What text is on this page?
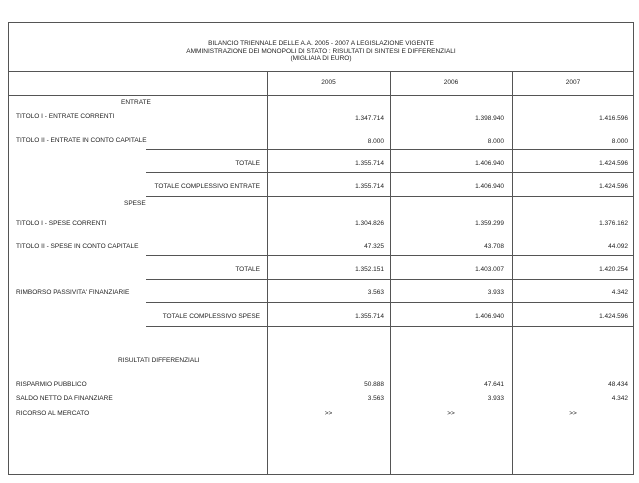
BILANCIO TRIENNALE DELLE A.A. 2005 - 2007 A LEGISLAZIONE VIGENTE
AMMINISTRAZIONE DEI MONOPOLI DI STATO : RISULTATI DI SINTESI E DIFFERENZIALI
(MIGLIAIA DI EURO)
2005	2006	2007
ENTRATE
SPESE
RISULTATI DIFFERENZIALI
TITOLO I - ENTRATE CORRENTI	1.347.714	1.398.940	1.416.596
TITOLO II - ENTRATE IN CONTO CAPITALE	8.000	8.000	8.000
TOTALE	1.355.714	1.406.940	1.424.596
TOTALE COMPLESSIVO ENTRATE	1.355.714	1.406.940	1.424.596
TITOLO I - SPESE CORRENTI	1.304.826	1.359.299	1.376.162
TITOLO II - SPESE IN CONTO CAPITALE	47.325	43.708	44.092
TOTALE	1.352.151	1.403.007	1.420.254
RIMBORSO PASSIVITA' FINANZIARIE	3.563	3.933	4.342
TOTALE COMPLESSIVO SPESE	1.355.714	1.406.940	1.424.596
RISPARMIO PUBBLICO	50.888	47.641	48.434
SALDO NETTO DA FINANZIARE	3.563	3.933	4.342
RICORSO AL MERCATO	>>	>>	>>
